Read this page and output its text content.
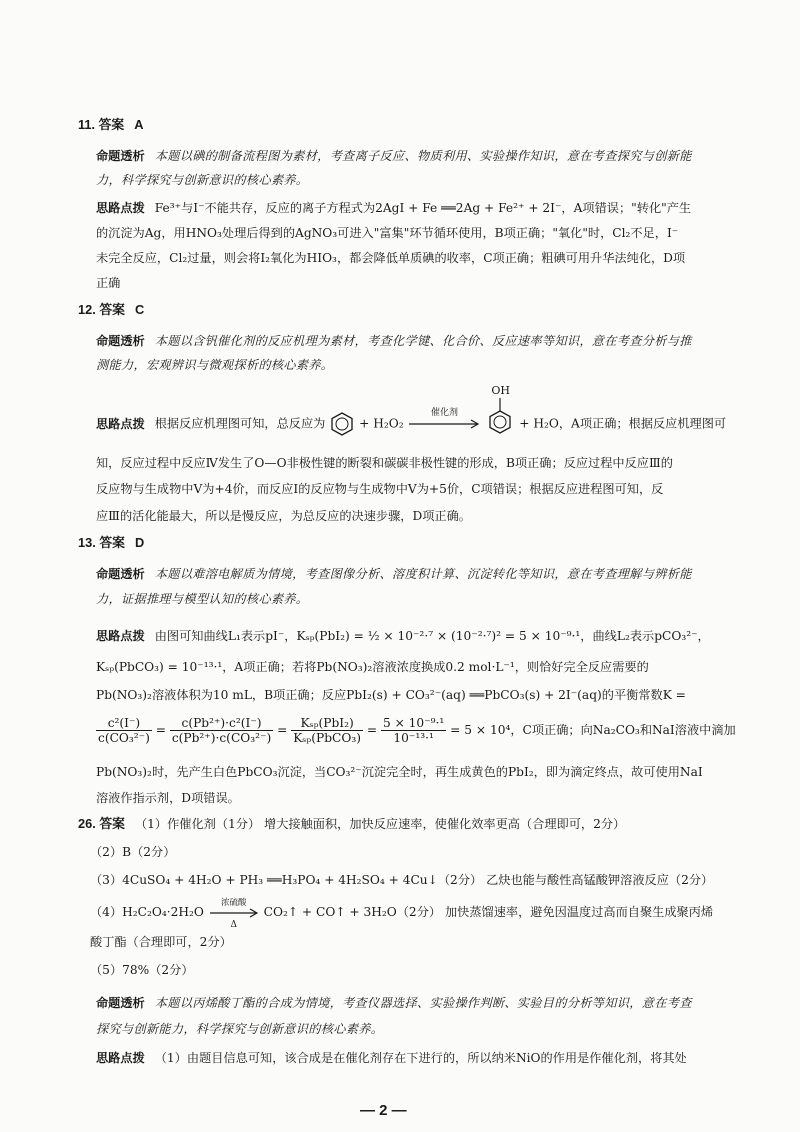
11. 答案 A
命题透析 本题以碘的制备流程图为素材，考查离子反应、物质利用、实验操作知识，意在考查探究与创新能
力，科学探究与创新意识的核心素养。
思路点拨 Fe³⁺与I⁻不能共存，反应的离子方程式为2AgI + Fe ══2Ag + Fe²⁺ + 2I⁻，A项错误；"转化"产生
的沉淀为Ag，用HNO₃处理后得到的AgNO₃可进入"富集"环节循环使用，B项正确；"氧化"时，Cl₂不足，I⁻
未完全反应，Cl₂过量，则会将I₂氧化为HIO₃，都会降低单质碘的收率，C项正确；粗碘可用升华法纯化，D项
正确
12. 答案 C
命题透析 本题以含钒催化剂的反应机理为素材，考查化学键、化合价、反应速率等知识，意在考查分析与推
测能力，宏观辨识与微观探析的核心素养。
思路点拨 根据反应机理图可知，总反应为	+ H₂O₂
催化剂

OH
+ H₂O，A项正确；根据反应机理图可
知，反应过程中反应Ⅳ发生了O—O非极性键的断裂和碳碳非极性键的形成，B项正确；反应过程中反应Ⅲ的
反应物与生成物中V为+4价，而反应Ⅰ的反应物与生成物中V为+5价，C项错误；根据反应进程图可知，反
应Ⅲ的活化能最大，所以是慢反应，为总反应的决速步骤，D项正确。
13. 答案 D
命题透析 本题以难溶电解质为情境，考查图像分析、溶度积计算、沉淀转化等知识，意在考查理解与辨析能
力，证据推理与模型认知的核心素养。
思路点拨 由图可知曲线L₁表示pI⁻，Kₛₚ(PbI₂) = ½ × 10⁻²·⁷ × (10⁻²·⁷)² = 5 × 10⁻⁹·¹，曲线L₂表示pCO₃²⁻，
Kₛₚ(PbCO₃) = 10⁻¹³·¹，A项正确；若将Pb(NO₃)₂溶液浓度换成0.2 mol·L⁻¹，则恰好完全反应需要的
Pb(NO₃)₂溶液体积为10 mL，B项正确；反应PbI₂(s) + CO₃²⁻(aq) ══PbCO₃(s) + 2I⁻(aq)的平衡常数K =
$\frac{\text{c²(I⁻)}}{\text{c(CO₃²⁻)}} = \frac{\text{c(Pb²⁺)·c²(I⁻)}}{\text{c(Pb²⁺)·c(CO₃²⁻)}} = \frac{\text{Kₛₚ(PbI₂)}}{\text{Kₛₚ(PbCO₃)}} = \frac{\text{5 × 10⁻⁹·¹}}{\text{10⁻¹³·¹}} = 5 \times 10^4$，C项正确；向Na₂CO₃和NaI溶液中滴加
Pb(NO₃)₂时，先产生白色PbCO₃沉淀，当CO₃²⁻沉淀完全时，再生成黄色的PbI₂，即为滴定终点，故可使用NaI
溶液作指示剂，D项错误。
26. 答案 （1）作催化剂（1分） 增大接触面积，加快反应速率，使催化效率更高（合理即可，2分）
（2）B（2分）
（3）4CuSO₄ + 4H₂O + PH₃ ══H₃PO₄ + 4H₂SO₄ + 4Cu↓（2分） 乙炔也能与酸性高锰酸钾溶液反应（2分）
（4）H₂C₂O₄·2H₂O
浓硫酸
Δ
CO₂↑ + CO↑ + 3H₂O（2分） 加快蒸馏速率，避免因温度过高而自聚生成聚丙烯
酸丁酯（合理即可，2分）
（5）78%（2分）
命题透析 本题以丙烯酸丁酯的合成为情境，考查仪器选择、实验操作判断、实验目的分析等知识，意在考查
探究与创新能力，科学探究与创新意识的核心素养。
思路点拨 （1）由题目信息可知，该合成是在催化剂存在下进行的，所以纳米NiO的作用是作催化剂，将其处
— 2 —
